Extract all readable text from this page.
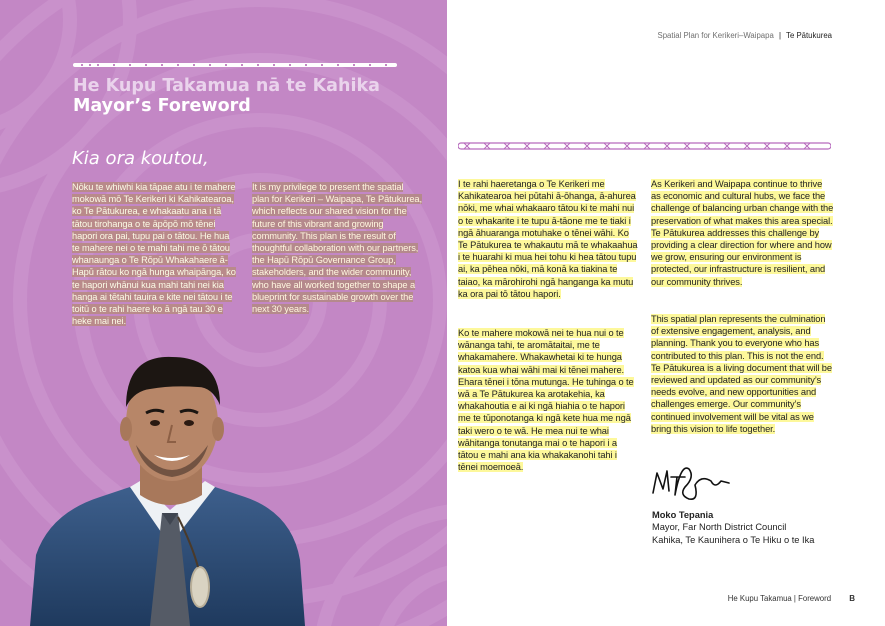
He Kupu Takamua nā te Kahika
Mayor’s Foreword
Kia ora koutou,

Nōku te whiwhi kia tāpae atu i te mahere mokowā mō Te Kerikeri ki Kahikatearoa, ko Te Pātukurea, e whakaatu ana i tā tātou tirohanga o te āpōpō mō tēnei hapori ora pai, tupu pai o tātou. He hua te mahere nei o te mahi tahi me ō tātou whanaunga o Te Rōpū Whakahaere ā-Hapū rātou ko ngā hunga whaipānga, ko te hapori whānui kua mahi tahi nei kia hanga ai tētahi tauira e kite nei tātou i te toitū o te rahi haere ko ā ngā tau 30 e heke mai nei.

It is my privilege to present the spatial plan for Kerikeri – Waipapa, Te Pātukurea, which reflects our shared vision for the future of this vibrant and growing community. This plan is the result of thoughtful collaboration with our partners, the Hapū Rōpū Governance Group, stakeholders, and the wider community, who have all worked together to shape a blueprint for sustainable growth over the next 30 years.

Spatial Plan for Kerikeri–Waipapa | Te Pātukurea

I te rahi haeretanga o Te Kerikeri me Kahikatearoa hei pūtahi ā-ōhanga, ā-ahurea nōki, me whai whakaaro tātou ki te mahi nui o te whakarite i te tupu ā-tāone me te tiaki i ngā āhuaranga motuhake o tēnei wāhi. Ko Te Pātukurea te whakautu mā te whakaahua i te huarahi ki mua hei tohu ki hea tātou tupu ai, ka pēhea nōki, mā konā ka tiakina te taiao, ka mārohirohi ngā hanganga ka mutu ka ora pai tō tātou hapori.

Ko te mahere mokowā nei te hua nui o te wānanga tahi, te aromātaitai, me te whakamahere. Whakawhetai ki te hunga katoa kua whai wāhi mai ki tēnei mahere. Ehara tēnei i tōna mutunga. He tuhinga o te wā a Te Pātukurea ka arotakehia, ka whakahoutia e ai ki ngā hiahia o te hapori me te tūponotanga ki ngā kete hua me ngā taki wero o te wā. He mea nui te whai wāhitanga tonutanga mai o te hapori i a tātou e mahi ana kia whakakanohi tahi i tēnei moemoeā.

As Kerikeri and Waipapa continue to thrive as economic and cultural hubs, we face the challenge of balancing urban change with the preservation of what makes this area special. Te Pātukurea addresses this challenge by providing a clear direction for where and how we grow, ensuring our environment is protected, our infrastructure is resilient, and our community thrives.

This spatial plan represents the culmination of extensive engagement, analysis, and planning. Thank you to everyone who has contributed to this plan. This is not the end. Te Pātukurea is a living document that will be reviewed and updated as our community’s needs evolve, and new opportunities and challenges emerge. Our community’s continued involvement will be vital as we bring this vision to life together.

Moko Tepania
Mayor, Far North District Council
Kahika, Te Kaunihera o Te Hiku o te Ika
He Kupu Takamua | Foreword B
